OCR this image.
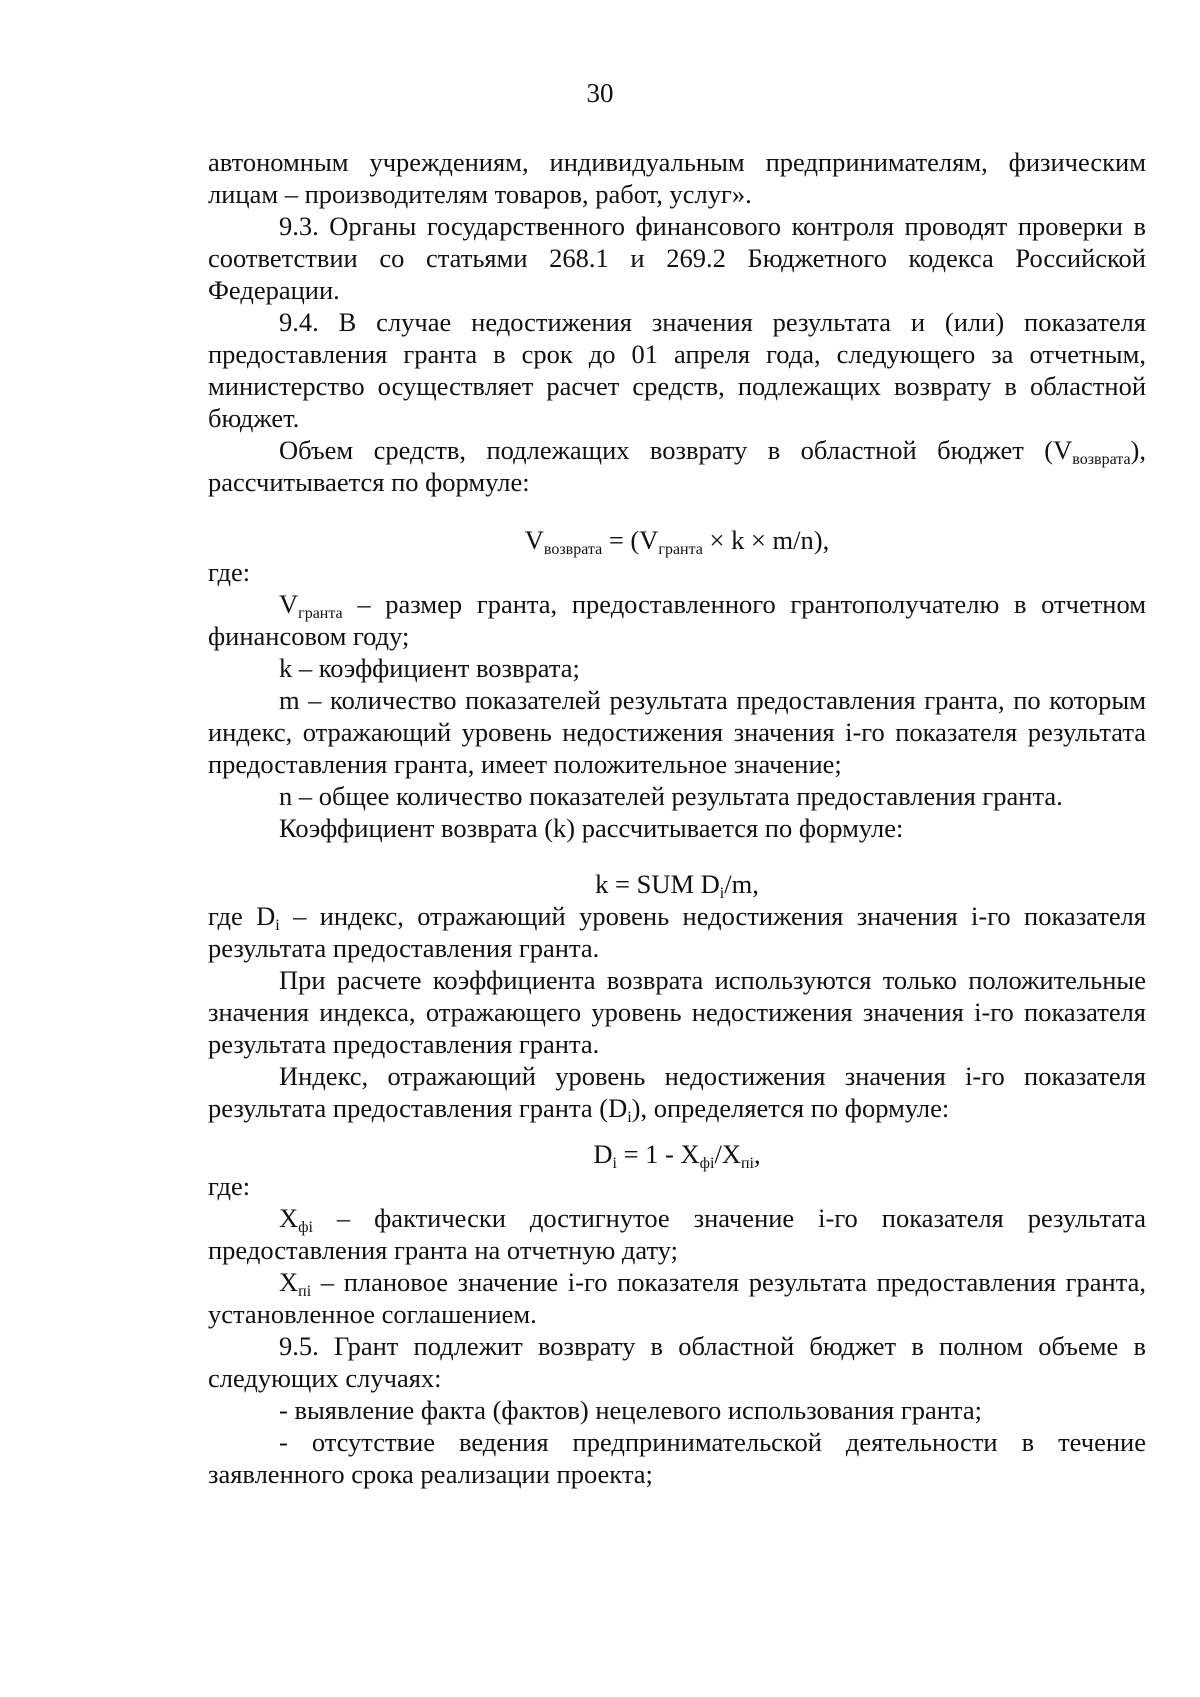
30

автономным учреждениям, индивидуальным предпринимателям, физическим лицам – производителям товаров, работ, услуг».

9.3. Органы государственного финансового контроля проводят проверки в соответствии со статьями 268.1 и 269.2 Бюджетного кодекса Российской Федерации.

9.4. В случае недостижения значения результата и (или) показателя предоставления гранта в срок до 01 апреля года, следующего за отчетным, министерство осуществляет расчет средств, подлежащих возврату в областной бюджет.

Объем средств, подлежащих возврату в областной бюджет $(V_{возврата})$, рассчитывается по формуле:

$V_{возврата} = (V_{гранта} \times k \times m/n)$,

где:

$V_{гранта}$ – размер гранта, предоставленного грантополучателю в отчетном финансовом году;

k – коэффициент возврата;

m – количество показателей результата предоставления гранта, по которым индекс, отражающий уровень недостижения значения i-го показателя результата предоставления гранта, имеет положительное значение;

n – общее количество показателей результата предоставления гранта.

Коэффициент возврата (k) рассчитывается по формуле:

k = SUM $D_i/m$,

где $D_i$ – индекс, отражающий уровень недостижения значения i-го показателя результата предоставления гранта.

При расчете коэффициента возврата используются только положительные значения индекса, отражающего уровень недостижения значения i-го показателя результата предоставления гранта.

Индекс, отражающий уровень недостижения значения i-го показателя результата предоставления гранта $(D_i)$, определяется по формуле:

$D_i = 1 - X_{фi}/X_{пi}$,

где:

$X_{фi}$ – фактически достигнутое значение i-го показателя результата предоставления гранта на отчетную дату;

$X_{пi}$ – плановое значение i-го показателя результата предоставления гранта, установленное соглашением.

9.5. Грант подлежит возврату в областной бюджет в полном объеме в следующих случаях:

- выявление факта (фактов) нецелевого использования гранта;

- отсутствие ведения предпринимательской деятельности в течение заявленного срока реализации проекта;
